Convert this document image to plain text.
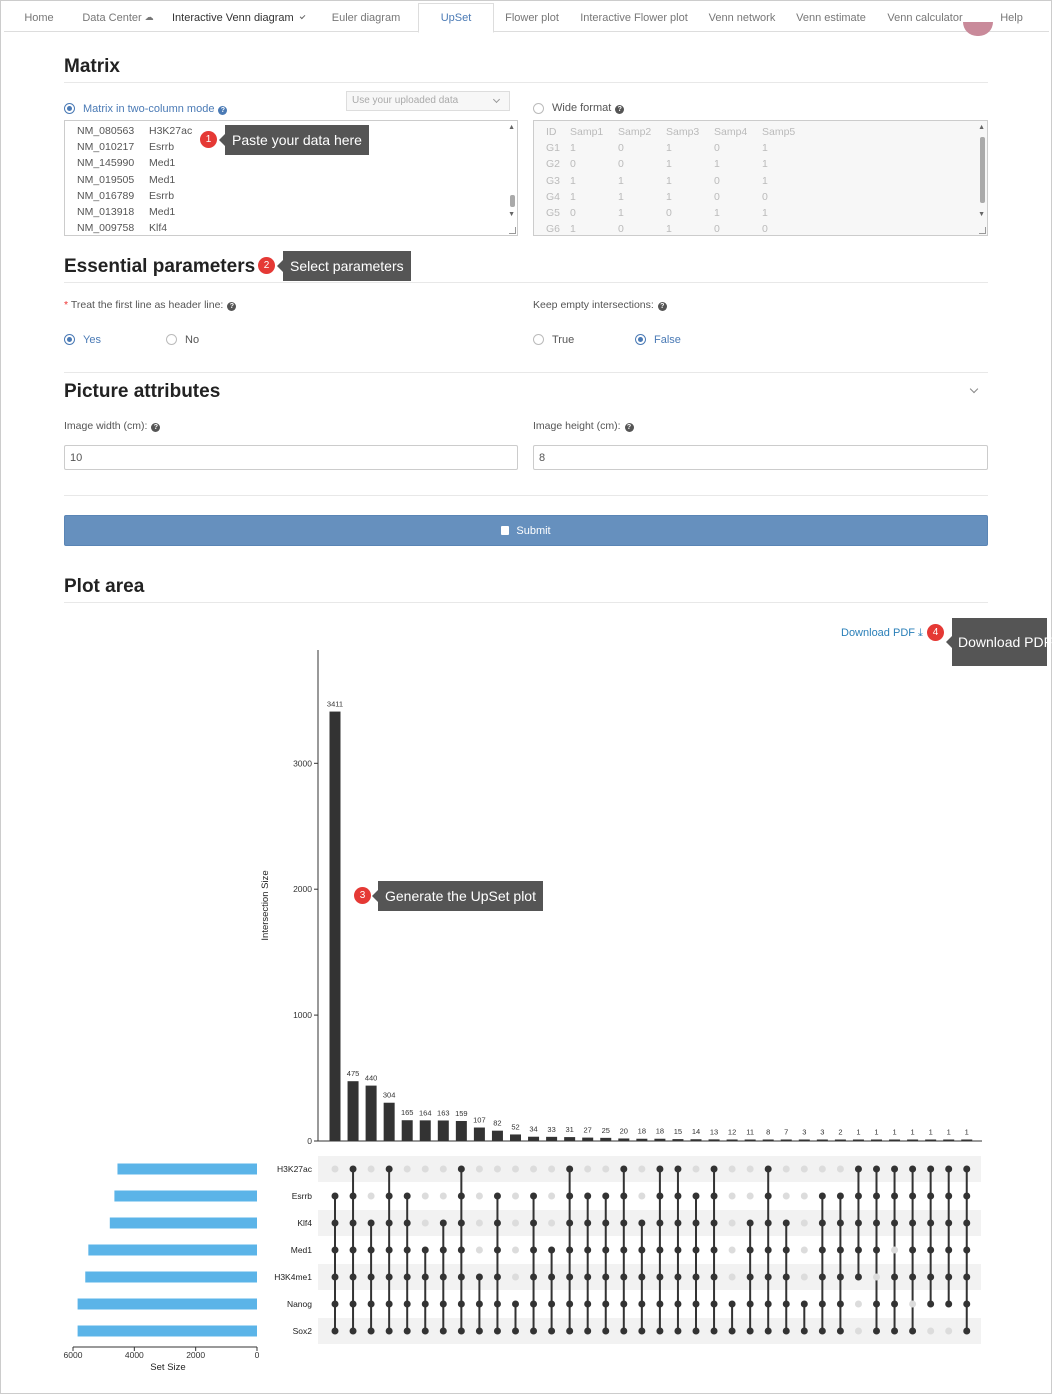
Home	Data Center ☁ Interactive Venn diagram	Euler diagram	UpSet	Flower plot Interactive Flower plot Venn network Venn estimate Venn calculator	Help
Matrix
Matrix in two-column mode ?
Use your uploaded data
Wide format ?
▲
▼
NM_080563 H3K27ac
NM_010217 Esrrb
NM_145990 Med1
NM_019505 Med1
NM_016789 Esrrb
NM_013918 Med1
NM_009758 Klf4
▲
▼
ID Samp1 Samp2 Samp3 Samp4 Samp5
G1 1	0	1	0	1
G2 0	0	1	1	1
G3 1	1	1	0	1
G4 1	1	1	0	0
G5 0	1	0	1	1
G6 1	0	1	0	0
1	Paste your data here
Essential parameters 2	Select parameters
* Treat the first line as header line: ?
Yes	No
Keep empty intersections: ?
True	False
Picture attributes
Image width (cm): ?
10
Image height (cm): ?
8
Submit
Plot area
Download PDF ⤓ 4
Download PDF
0
1000
2000
3000
Intersection Size
3411
475 440
304
165 164 163 159
107 82 52 34 33 31 27 25 20 18 18 15 14 13 12 11 8 7 3 3 2 1 1 1 1 1 1 1
H3K27ac
Esrrb
Klf4
Med1
H3K4me1
Nanog
Sox2
6000	4000	2000	0
Set Size
3	Generate the UpSet plot
